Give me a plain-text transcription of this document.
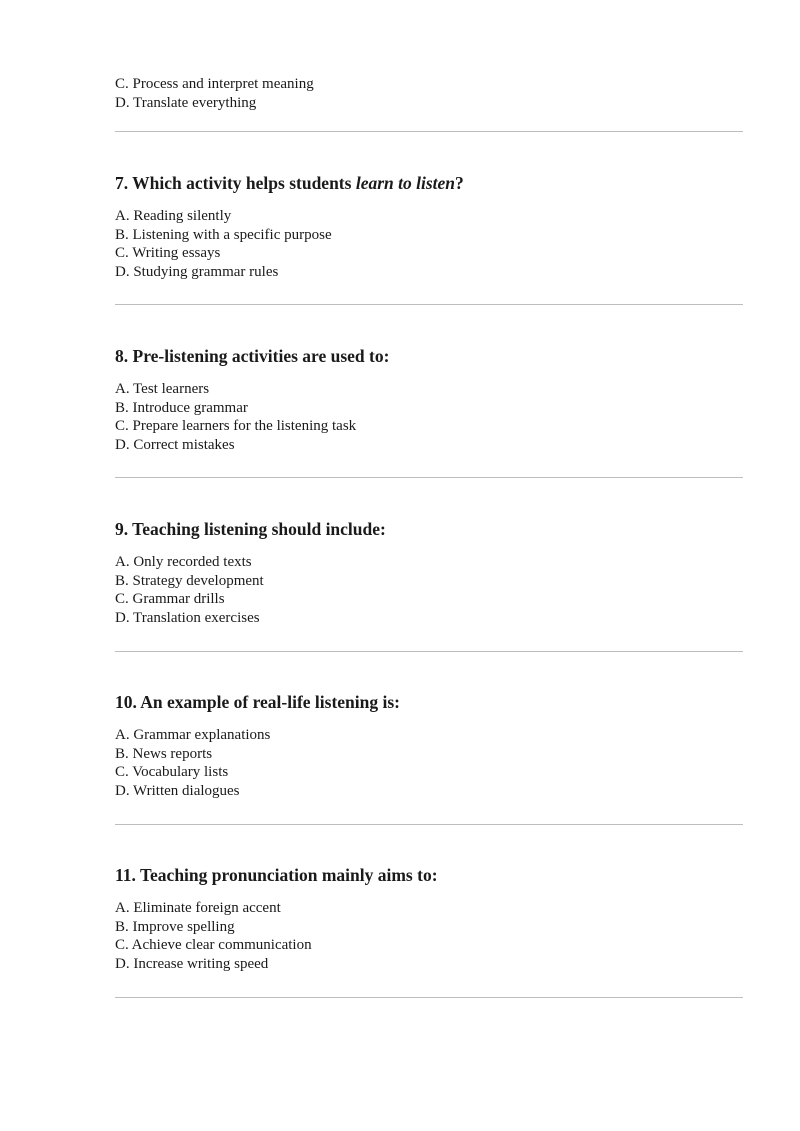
C. Process and interpret meaning
D. Translate everything
7. Which activity helps students learn to listen?
A. Reading silently
B. Listening with a specific purpose
C. Writing essays
D. Studying grammar rules
8. Pre-listening activities are used to:
A. Test learners
B. Introduce grammar
C. Prepare learners for the listening task
D. Correct mistakes
9. Teaching listening should include:
A. Only recorded texts
B. Strategy development
C. Grammar drills
D. Translation exercises
10. An example of real-life listening is:
A. Grammar explanations
B. News reports
C. Vocabulary lists
D. Written dialogues
11. Teaching pronunciation mainly aims to:
A. Eliminate foreign accent
B. Improve spelling
C. Achieve clear communication
D. Increase writing speed
